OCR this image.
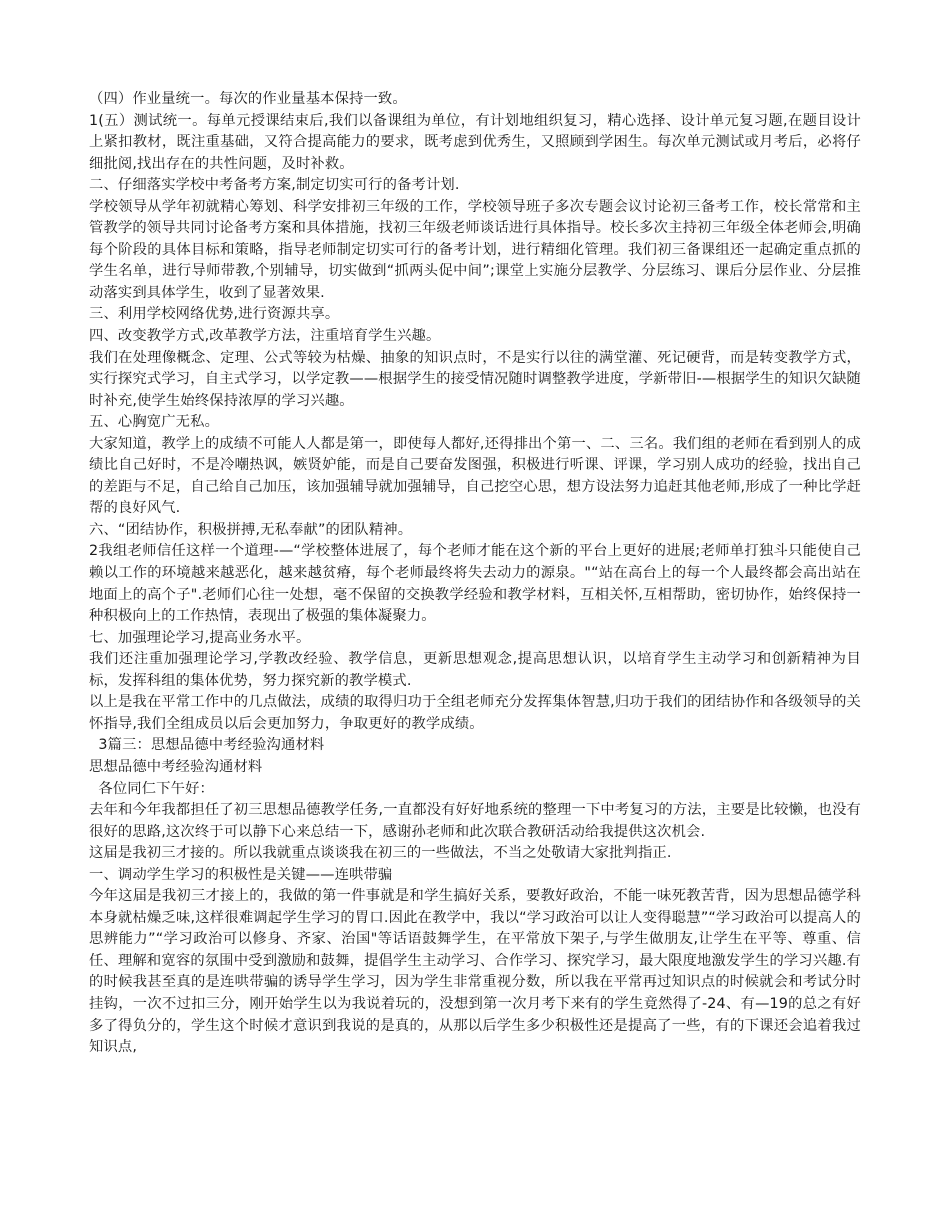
（四）作业量统一。每次的作业量基本保持一致。

1(五）测试统一。每单元授课结束后,我们以备课组为单位，有计划地组织复习，精心选择、设计单元复习题,在题目设计上紧扣教材，既注重基础，又符合提高能力的要求，既考虑到优秀生，又照顾到学困生。每次单元测试或月考后，必将仔细批阅,找出存在的共性问题，及时补救。

二、仔细落实学校中考备考方案,制定切实可行的备考计划.

学校领导从学年初就精心筹划、科学安排初三年级的工作，学校领导班子多次专题会议讨论初三备考工作，校长常常和主管教学的领导共同讨论备考方案和具体措施，找初三年级老师谈话进行具体指导。校长多次主持初三年级全体老师会,明确每个阶段的具体目标和策略，指导老师制定切实可行的备考计划，进行精细化管理。我们初三备课组还一起确定重点抓的学生名单，进行导师带教,个别辅导，切实做到“抓两头促中间”;课堂上实施分层教学、分层练习、课后分层作业、分层推动落实到具体学生，收到了显著效果.

三、利用学校网络优势,进行资源共享。

四、改变教学方式,改革教学方法，注重培育学生兴趣。

我们在处理像概念、定理、公式等较为枯燥、抽象的知识点时，不是实行以往的满堂灌、死记硬背，而是转变教学方式，实行探究式学习，自主式学习，以学定教——根据学生的接受情况随时调整教学进度，学新带旧-—根据学生的知识欠缺随时补充,使学生始终保持浓厚的学习兴趣。

五、心胸宽广无私。

大家知道，教学上的成绩不可能人人都是第一，即使每人都好,还得排出个第一、二、三名。我们组的老师在看到别人的成绩比自己好时，不是冷嘲热讽，嫉贤妒能，而是自己要奋发图强，积极进行听课、评课，学习别人成功的经验，找出自己的差距与不足，自己给自己加压，该加强辅导就加强辅导，自己挖空心思，想方设法努力追赶其他老师,形成了一种比学赶帮的良好风气.

六、“团结协作，积极拼搏,无私奉献”的团队精神。

2我组老师信任这样一个道理-—“学校整体进展了，每个老师才能在这个新的平台上更好的进展;老师单打独斗只能使自己赖以工作的环境越来越恶化，越来越贫瘠，每个老师最终将失去动力的源泉。"“站在高台上的每一个人最终都会高出站在地面上的高个子".老师们心往一处想，毫不保留的交换教学经验和教学材料，互相关怀,互相帮助，密切协作，始终保持一种积极向上的工作热情，表现出了极强的集体凝聚力。

七、加强理论学习,提高业务水平。

我们还注重加强理论学习,学教改经验、教学信息，更新思想观念,提高思想认识，以培育学生主动学习和创新精神为目标，发挥科组的集体优势，努力探究新的教学模式.

以上是我在平常工作中的几点做法，成绩的取得归功于全组老师充分发挥集体智慧,归功于我们的团结协作和各级领导的关怀指导,我们全组成员以后会更加努力，争取更好的教学成绩。

3篇三：思想品德中考经验沟通材料

思想品德中考经验沟通材料

各位同仁下午好：

去年和今年我都担任了初三思想品德教学任务,一直都没有好好地系统的整理一下中考复习的方法，主要是比较懒，也没有很好的思路,这次终于可以静下心来总结一下，感谢孙老师和此次联合教研活动给我提供这次机会.

这届是我初三才接的。所以我就重点谈谈我在初三的一些做法，不当之处敬请大家批判指正.

一、调动学生学习的积极性是关键——连哄带骗

今年这届是我初三才接上的，我做的第一件事就是和学生搞好关系，要教好政治，不能一味死教苦背，因为思想品德学科本身就枯燥乏味,这样很难调起学生学习的胃口.因此在教学中，我以“学习政治可以让人变得聪慧”“学习政治可以提高人的思辨能力”“学习政治可以修身、齐家、治国"等话语鼓舞学生，在平常放下架子,与学生做朋友,让学生在平等、尊重、信任、理解和宽容的氛围中受到激励和鼓舞，提倡学生主动学习、合作学习、探究学习，最大限度地激发学生的学习兴趣.有的时候我甚至真的是连哄带骗的诱导学生学习，因为学生非常重视分数，所以我在平常再过知识点的时候就会和考试分时挂钩，一次不过扣三分，刚开始学生以为我说着玩的，没想到第一次月考下来有的学生竟然得了-24、有—19的总之有好多了得负分的，学生这个时候才意识到我说的是真的，从那以后学生多少积极性还是提高了一些，有的下课还会追着我过知识点,
